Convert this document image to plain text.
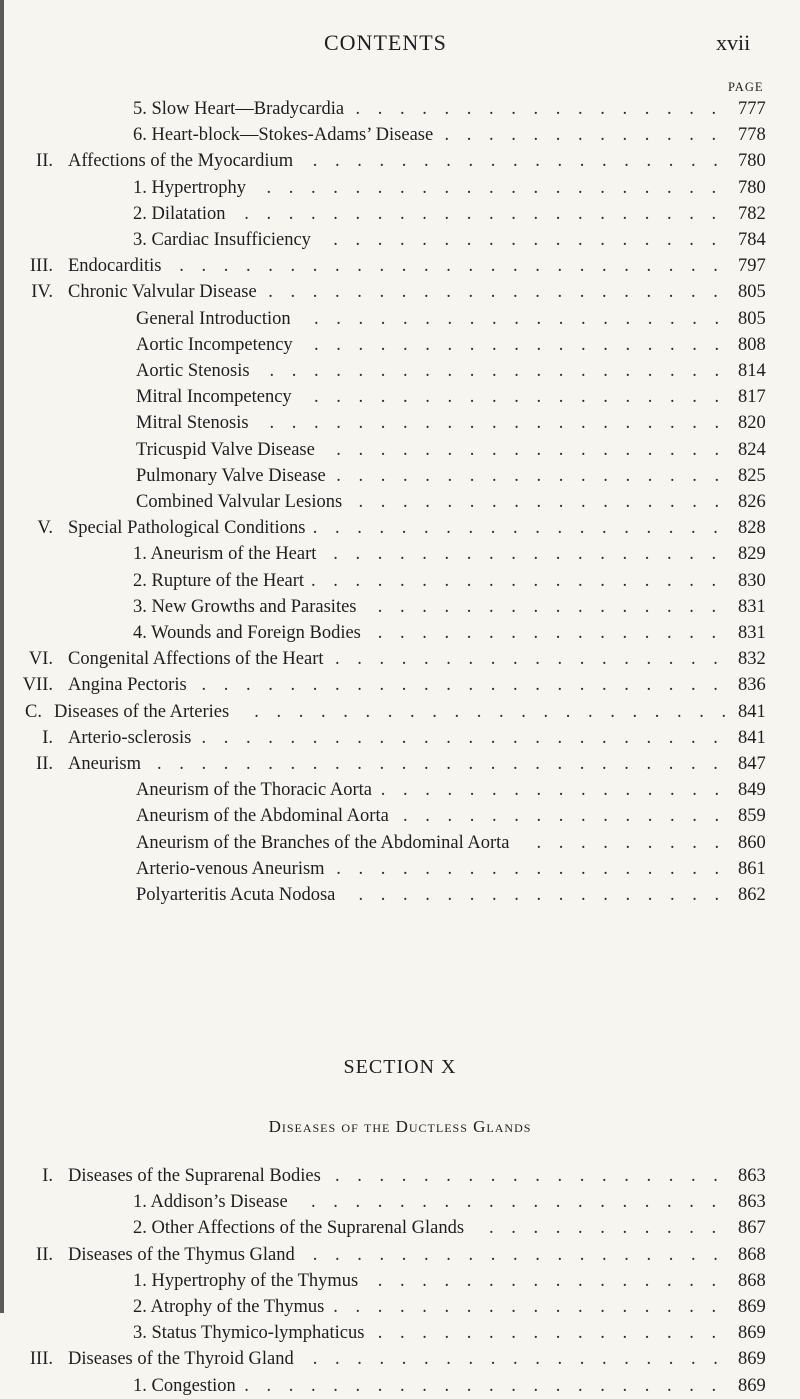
CONTENTS	xvii
PAGE
5. Slow Heart—Bradycardia . . .	777
6. Heart-block—Stokes-Adams’ Disease . . .	778
II. Affections of the Myocardium . . .	780
1. Hypertrophy . . .	780
2. Dilatation . . .	782
3. Cardiac Insufficiency . . .	784
III. Endocarditis . . .	797
IV. Chronic Valvular Disease . . .	805
General Introduction . . .	805
Aortic Incompetency . . .	808
Aortic Stenosis . . .	814
Mitral Incompetency . . .	817
Mitral Stenosis . . .	820
Tricuspid Valve Disease . . .	824
Pulmonary Valve Disease . . .	825
Combined Valvular Lesions . . .	826
V. Special Pathological Conditions . . .	828
1. Aneurism of the Heart . . .	829
2. Rupture of the Heart . . .	830
3. New Growths and Parasites . . .	831
4. Wounds and Foreign Bodies . . .	831
VI. Congenital Affections of the Heart . . .	832
VII. Angina Pectoris . . .	836
C. Diseases of the Arteries . . .	841
I. Arterio-sclerosis . . .	841
II. Aneurism . . .	847
Aneurism of the Thoracic Aorta . . .	849
Aneurism of the Abdominal Aorta . . .	859
Aneurism of the Branches of the Abdominal Aorta . . .	860
Arterio-venous Aneurism . . .	861
Polyarteritis Acuta Nodosa . . .	862
SECTION X
Diseases of the Ductless Glands
I. Diseases of the Suprarenal Bodies . . .	863
1. Addison’s Disease . . .	863
2. Other Affections of the Suprarenal Glands . . .	867
II. Diseases of the Thymus Gland . . .	868
1. Hypertrophy of the Thymus . . .	868
2. Atrophy of the Thymus . . .	869
3. Status Thymico-lymphaticus . . .	869
III. Diseases of the Thyroid Gland . . .	869
1. Congestion . . .	869
